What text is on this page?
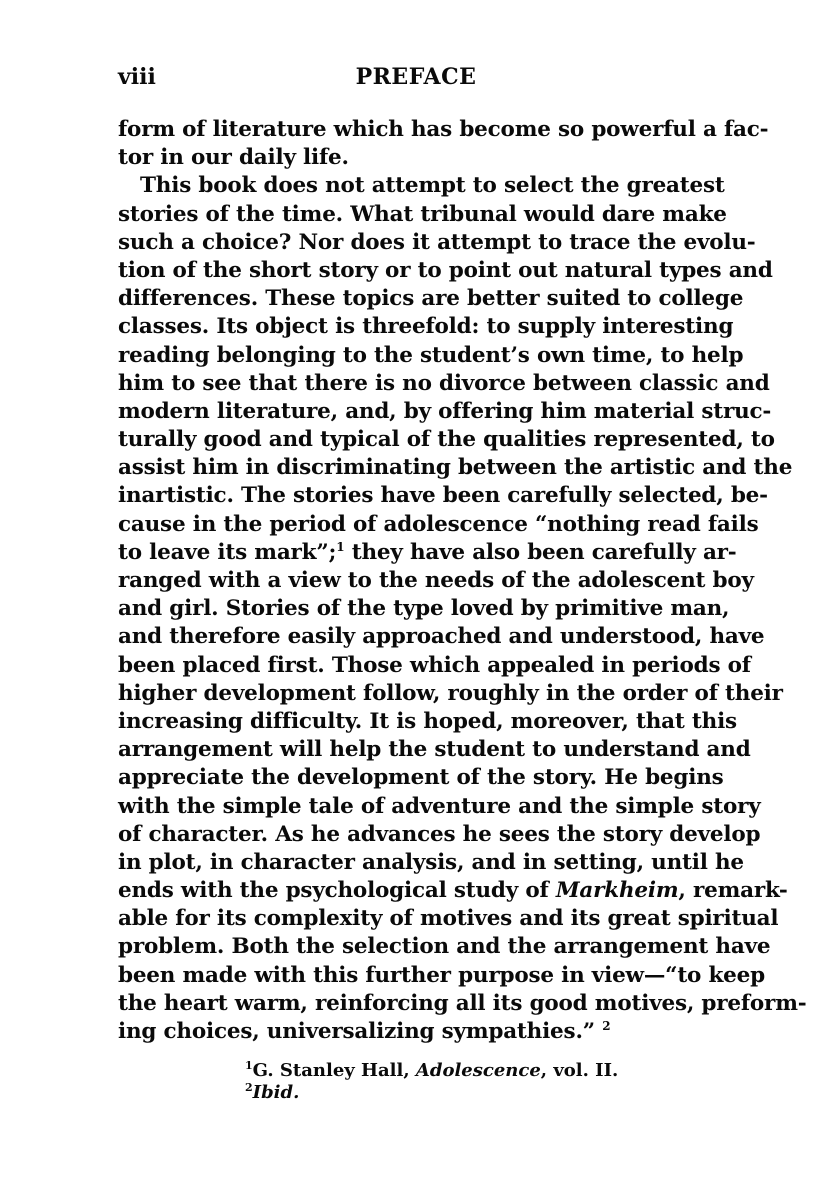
viii	PREFACE
form of literature which has become so powerful a fac-
tor in our daily life.
This book does not attempt to select the greatest
stories of the time. What tribunal would dare make
such a choice? Nor does it attempt to trace the evolu-
tion of the short story or to point out natural types and
differences. These topics are better suited to college
classes. Its object is threefold: to supply interesting
reading belonging to the student’s own time, to help
him to see that there is no divorce between classic and
modern literature, and, by offering him material struc-
turally good and typical of the qualities represented, to
assist him in discriminating between the artistic and the
inartistic. The stories have been carefully selected, be-
cause in the period of adolescence “nothing read fails
to leave its mark”;$^1$ they have also been carefully ar-
ranged with a view to the needs of the adolescent boy
and girl. Stories of the type loved by primitive man,
and therefore easily approached and understood, have
been placed first. Those which appealed in periods of
higher development follow, roughly in the order of their
increasing difficulty. It is hoped, moreover, that this
arrangement will help the student to understand and
appreciate the development of the story. He begins
with the simple tale of adventure and the simple story
of character. As he advances he sees the story develop
in plot, in character analysis, and in setting, until he
ends with the psychological study of Markheim, remark-
able for its complexity of motives and its great spiritual
problem. Both the selection and the arrangement have
been made with this further purpose in view—“to keep
the heart warm, reinforcing all its good motives, preform-
ing choices, universalizing sympathies.” $^2$
$^1$G. Stanley Hall, Adolescence, vol. II.
$^2$Ibid.
